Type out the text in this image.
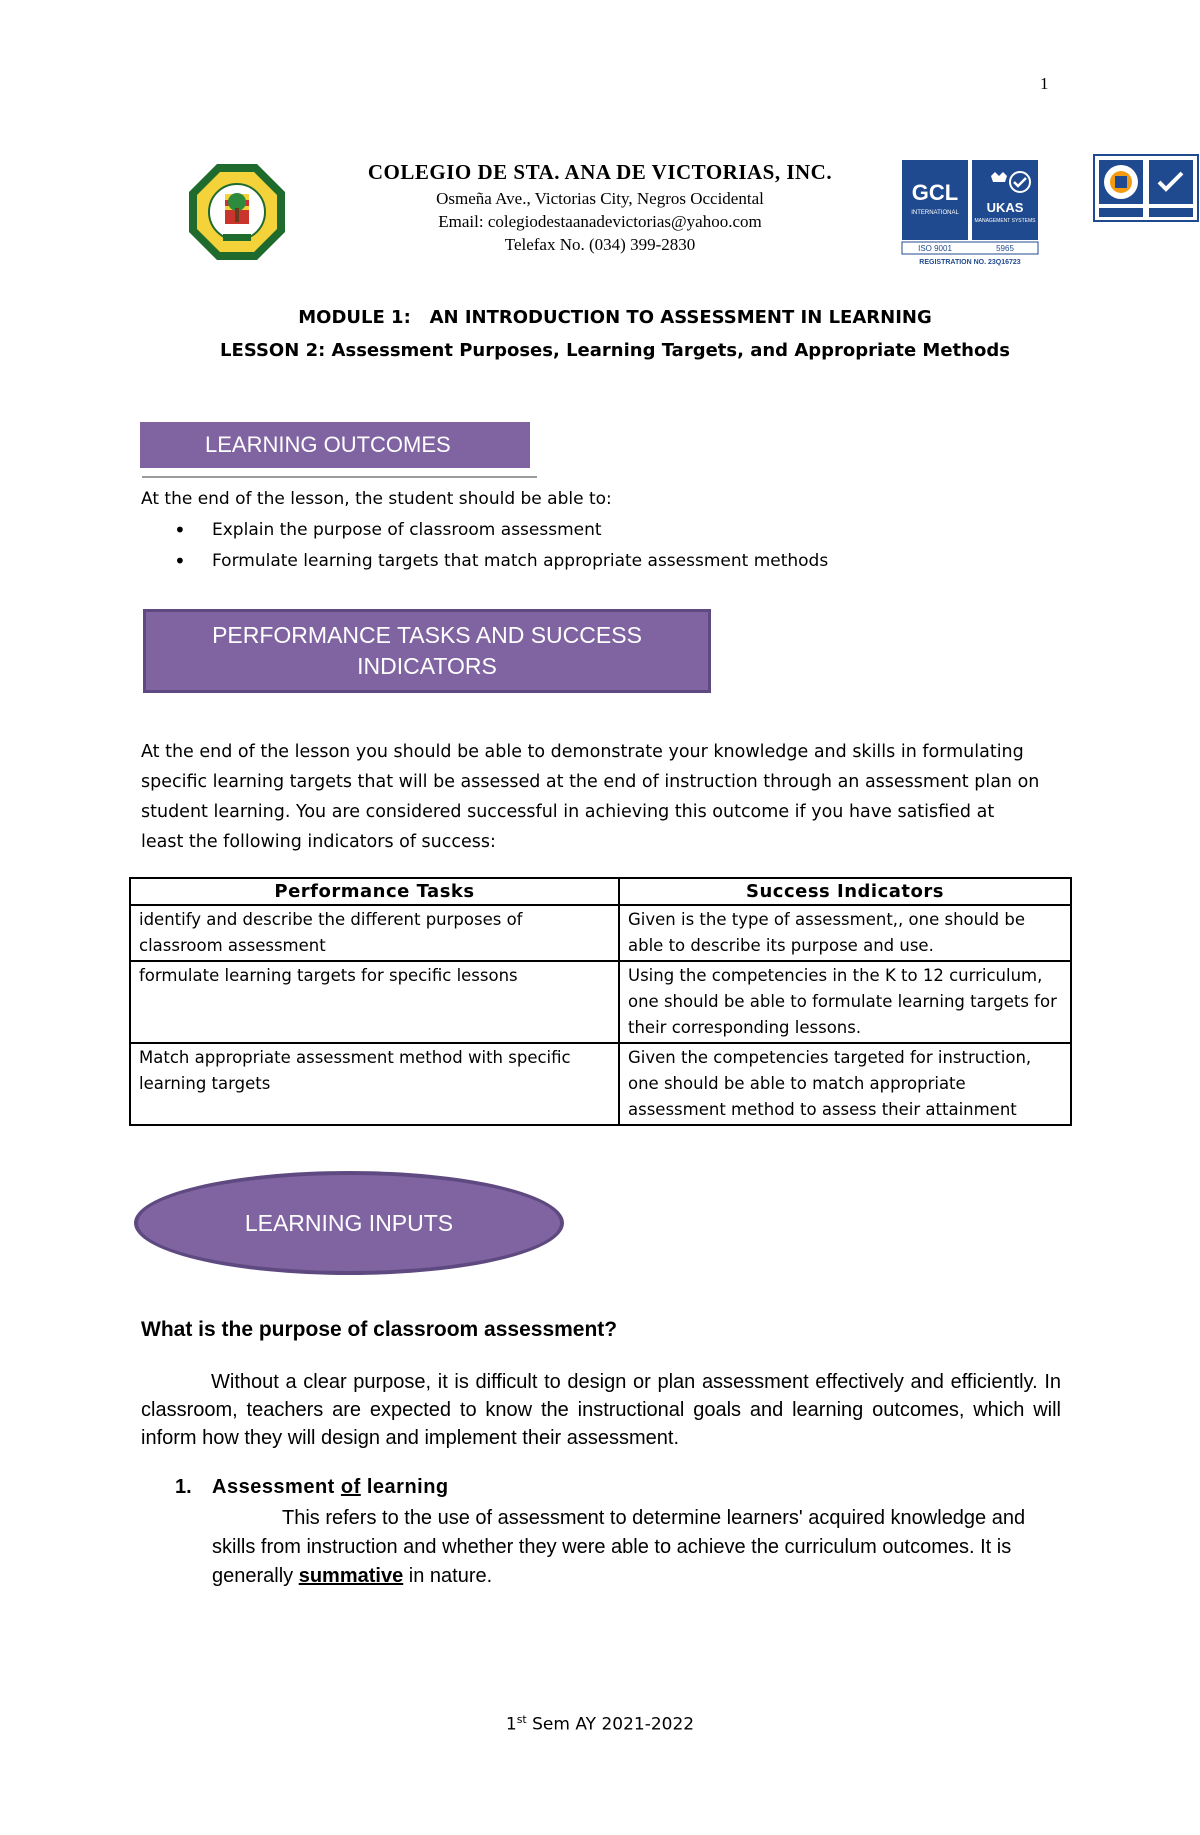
1
COLEGIO DE STA. ANA DE VICTORIAS, INC.
Osmeña Ave., Victorias City, Negros Occidental
Email: colegiodestaanadevictorias@yahoo.com
Telefax No. (034) 399-2830
GCL
INTERNATIONAL UKAS
MANAGEMENT SYSTEMS
ISO 9001	5965
REGISTRATION NO. 23Q16723
MODULE 1:   AN INTRODUCTION TO ASSESSMENT IN LEARNING
LESSON 2: Assessment Purposes, Learning Targets, and Appropriate Methods
LEARNING OUTCOMES
At the end of the lesson, the student should be able to:
• Explain the purpose of classroom assessment
• Formulate learning targets that match appropriate assessment methods
PERFORMANCE TASKS AND SUCCESS
INDICATORS
At the end of the lesson you should be able to demonstrate your knowledge and skills in formulating specific learning targets that will be assessed at the end of instruction through an assessment plan on student learning. You are considered successful in achieving this outcome if you have satisfied at least the following indicators of success:
Performance Tasks	Success Indicators
identify and describe the different purposes of classroom assessment	Given is the type of assessment,, one should be able to describe its purpose and use.
formulate learning targets for specific lessons	Using the competencies in the K to 12 curriculum, one should be able to formulate learning targets for their corresponding lessons.
Match appropriate assessment method with specific learning targets	Given the competencies targeted for instruction, one should be able to match appropriate assessment method to assess their attainment
LEARNING INPUTS
What is the purpose of classroom assessment?
Without a clear purpose, it is difficult to design or plan assessment effectively and efficiently. In classroom, teachers are expected to know the instructional goals and learning outcomes, which will inform how they will design and implement their assessment.
1. Assessment of learning
This refers to the use of assessment to determine learners' acquired knowledge and skills from instruction and whether they were able to achieve the curriculum outcomes. It is generally summative in nature.
1st Sem AY 2021-2022
